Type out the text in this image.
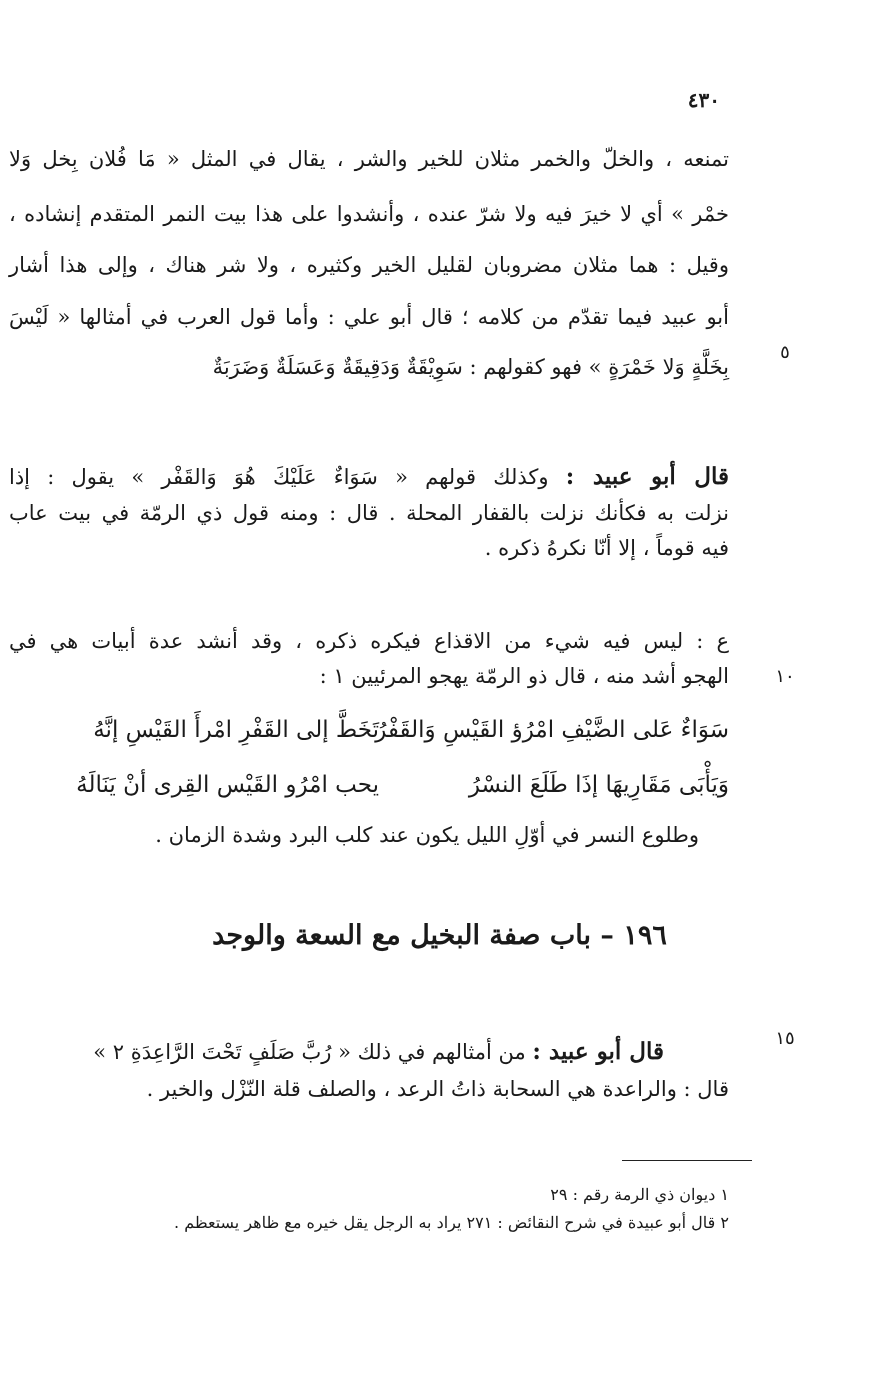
٤٣٠
تمنعه ، والخلّ والخمر مثلان للخير والشر ، يقال في المثل « مَا فُلان بِخل وَلا
خمْر » أي لا خيرَ فيه ولا شرّ عنده ، وأنشدوا على هذا بيت النمر المتقدم إنشاده ،
وقيل : هما مثلان مضروبان لقليل الخير وكثيره ، ولا شر هناك ، وإلى هذا أشار
أبو عبيد فيما تقدّم من كلامه ؛ قال أبو علي : وأما قول العرب في أمثالها « لَيْسَ
بِخَلَّةٍ وَلا خَمْرَةٍ » فهو كقولهم : سَوِيْقَةٌ وَدَقِيقَةٌ وَعَسَلَةٌ وَضَرَبَةٌ
٥
قال أبو عبيد : وكذلك قولهم « سَوَاءٌ عَلَيْكَ هُوَ وَالقَفْر » يقول : إذا
نزلت به فكأنك نزلت بالقفار المحلة . قال : ومنه قول ذي الرمّة في بيت عاب
فيه قوماً ، إلا أنّا نكرهُ ذكره .
ع : ليس فيه شيء من الاقذاع فيكره ذكره ، وقد أنشد عدة أبيات هي في
الهجو أشد منه ، قال ذو الرمّة يهجو المرئيين ١ :	١٠
سَوَاءٌ عَلى الضَّيْفِ امْرُؤ القَيْسِ وَالقَفْرُ
تَخَطَّ إلى القَفْرِ امْرأَ القَيْسِ إنَّهُ
وَيَأْبَى مَقَارِيهَا إذَا طَلَعَ النسْرُ
يحب امْرُو القَيْس القِرى أنْ يَنَالَهُ
وطلوع النسر في أوّلِ الليل يكون عند كلب البرد وشدة الزمان .
١٩٦ – باب صفة البخيل مع السعة والوجد
قال أبو عبيد : من أمثالهم في ذلك « رُبَّ صَلَفٍ تَحْتَ الرَّاعِدَةِ ٢ »
١٥
قال : والراعدة هي السحابة ذاتُ الرعد ، والصلف قلة النّزْل والخير .
١ ديوان ذي الرمة رقم : ٢٩
٢ قال أبو عبيدة في شرح النقائض : ٢٧١ يراد به الرجل يقل خيره مع ظاهر يستعظم .
